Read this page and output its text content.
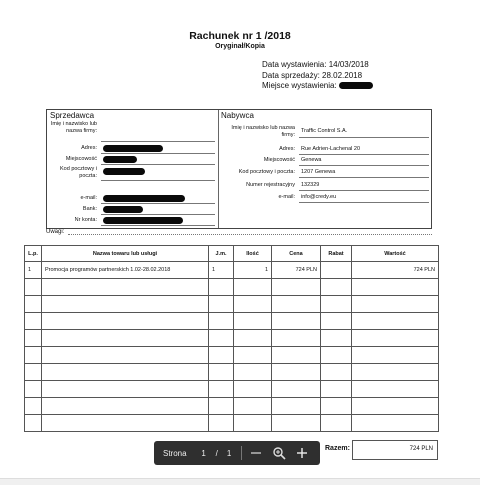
Rachunek nr 1 /2018
Oryginał/Kopia
Data wystawienia: 14/03/2018
Data sprzedaży: 28.02.2018
Miejsce wystawienia:
Sprzedawca
Imię i nazwisko lub nazwa firmy:
Adres:
Miejscowość
Kod pocztowy i poczta:
e-mail:
Bank:
Nr konta:
Nabywca
Imię i nazwisko lub nazwa firmy:
Traffic Control S.A.
Adres: Rue Adrien-Lachenal 20
Miejscowość Genewa
Kod pocztowy i poczta: 1207 Genewa
Numer rejestracyjny 132329
e-mail: info@credy.eu
Uwagi:
L.p.	Nazwa towaru lub usługi	J.m.	Ilość	Cena	Rabat	Wartość
1	Promocja programów partnerskich 1.02-28.02.2018	1	1	724 PLN		724 PLN

Razem:	724 PLN
Strona	1	/ 1
